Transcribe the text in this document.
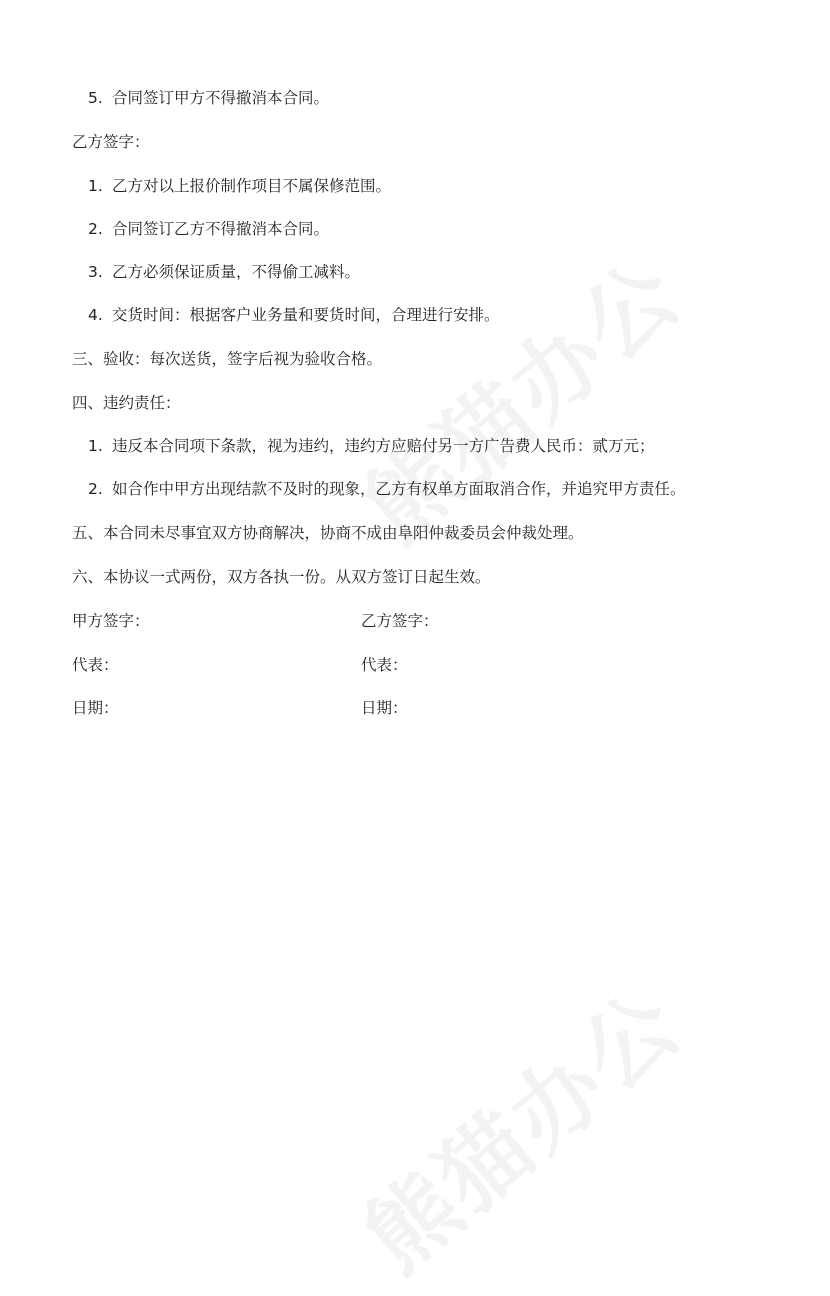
5. 合同签订甲方不得撤消本合同。
乙方签字：
1. 乙方对以上报价制作项目不属保修范围。
2. 合同签订乙方不得撤消本合同。
3. 乙方必须保证质量，不得偷工减料。
4. 交货时间：根据客户业务量和要货时间，合理进行安排。
三、验收：每次送货，签字后视为验收合格。
四、违约责任：
1. 违反本合同项下条款，视为违约，违约方应赔付另一方广告费人民币：贰万元；
2. 如合作中甲方出现结款不及时的现象，乙方有权单方面取消合作，并追究甲方责任。
五、本合同未尽事宜双方协商解决，协商不成由阜阳仲裁委员会仲裁处理。
六、本协议一式两份，双方各执一份。从双方签订日起生效。
甲方签字：
代表：
日期：
乙方签字：
代表：
日期：
